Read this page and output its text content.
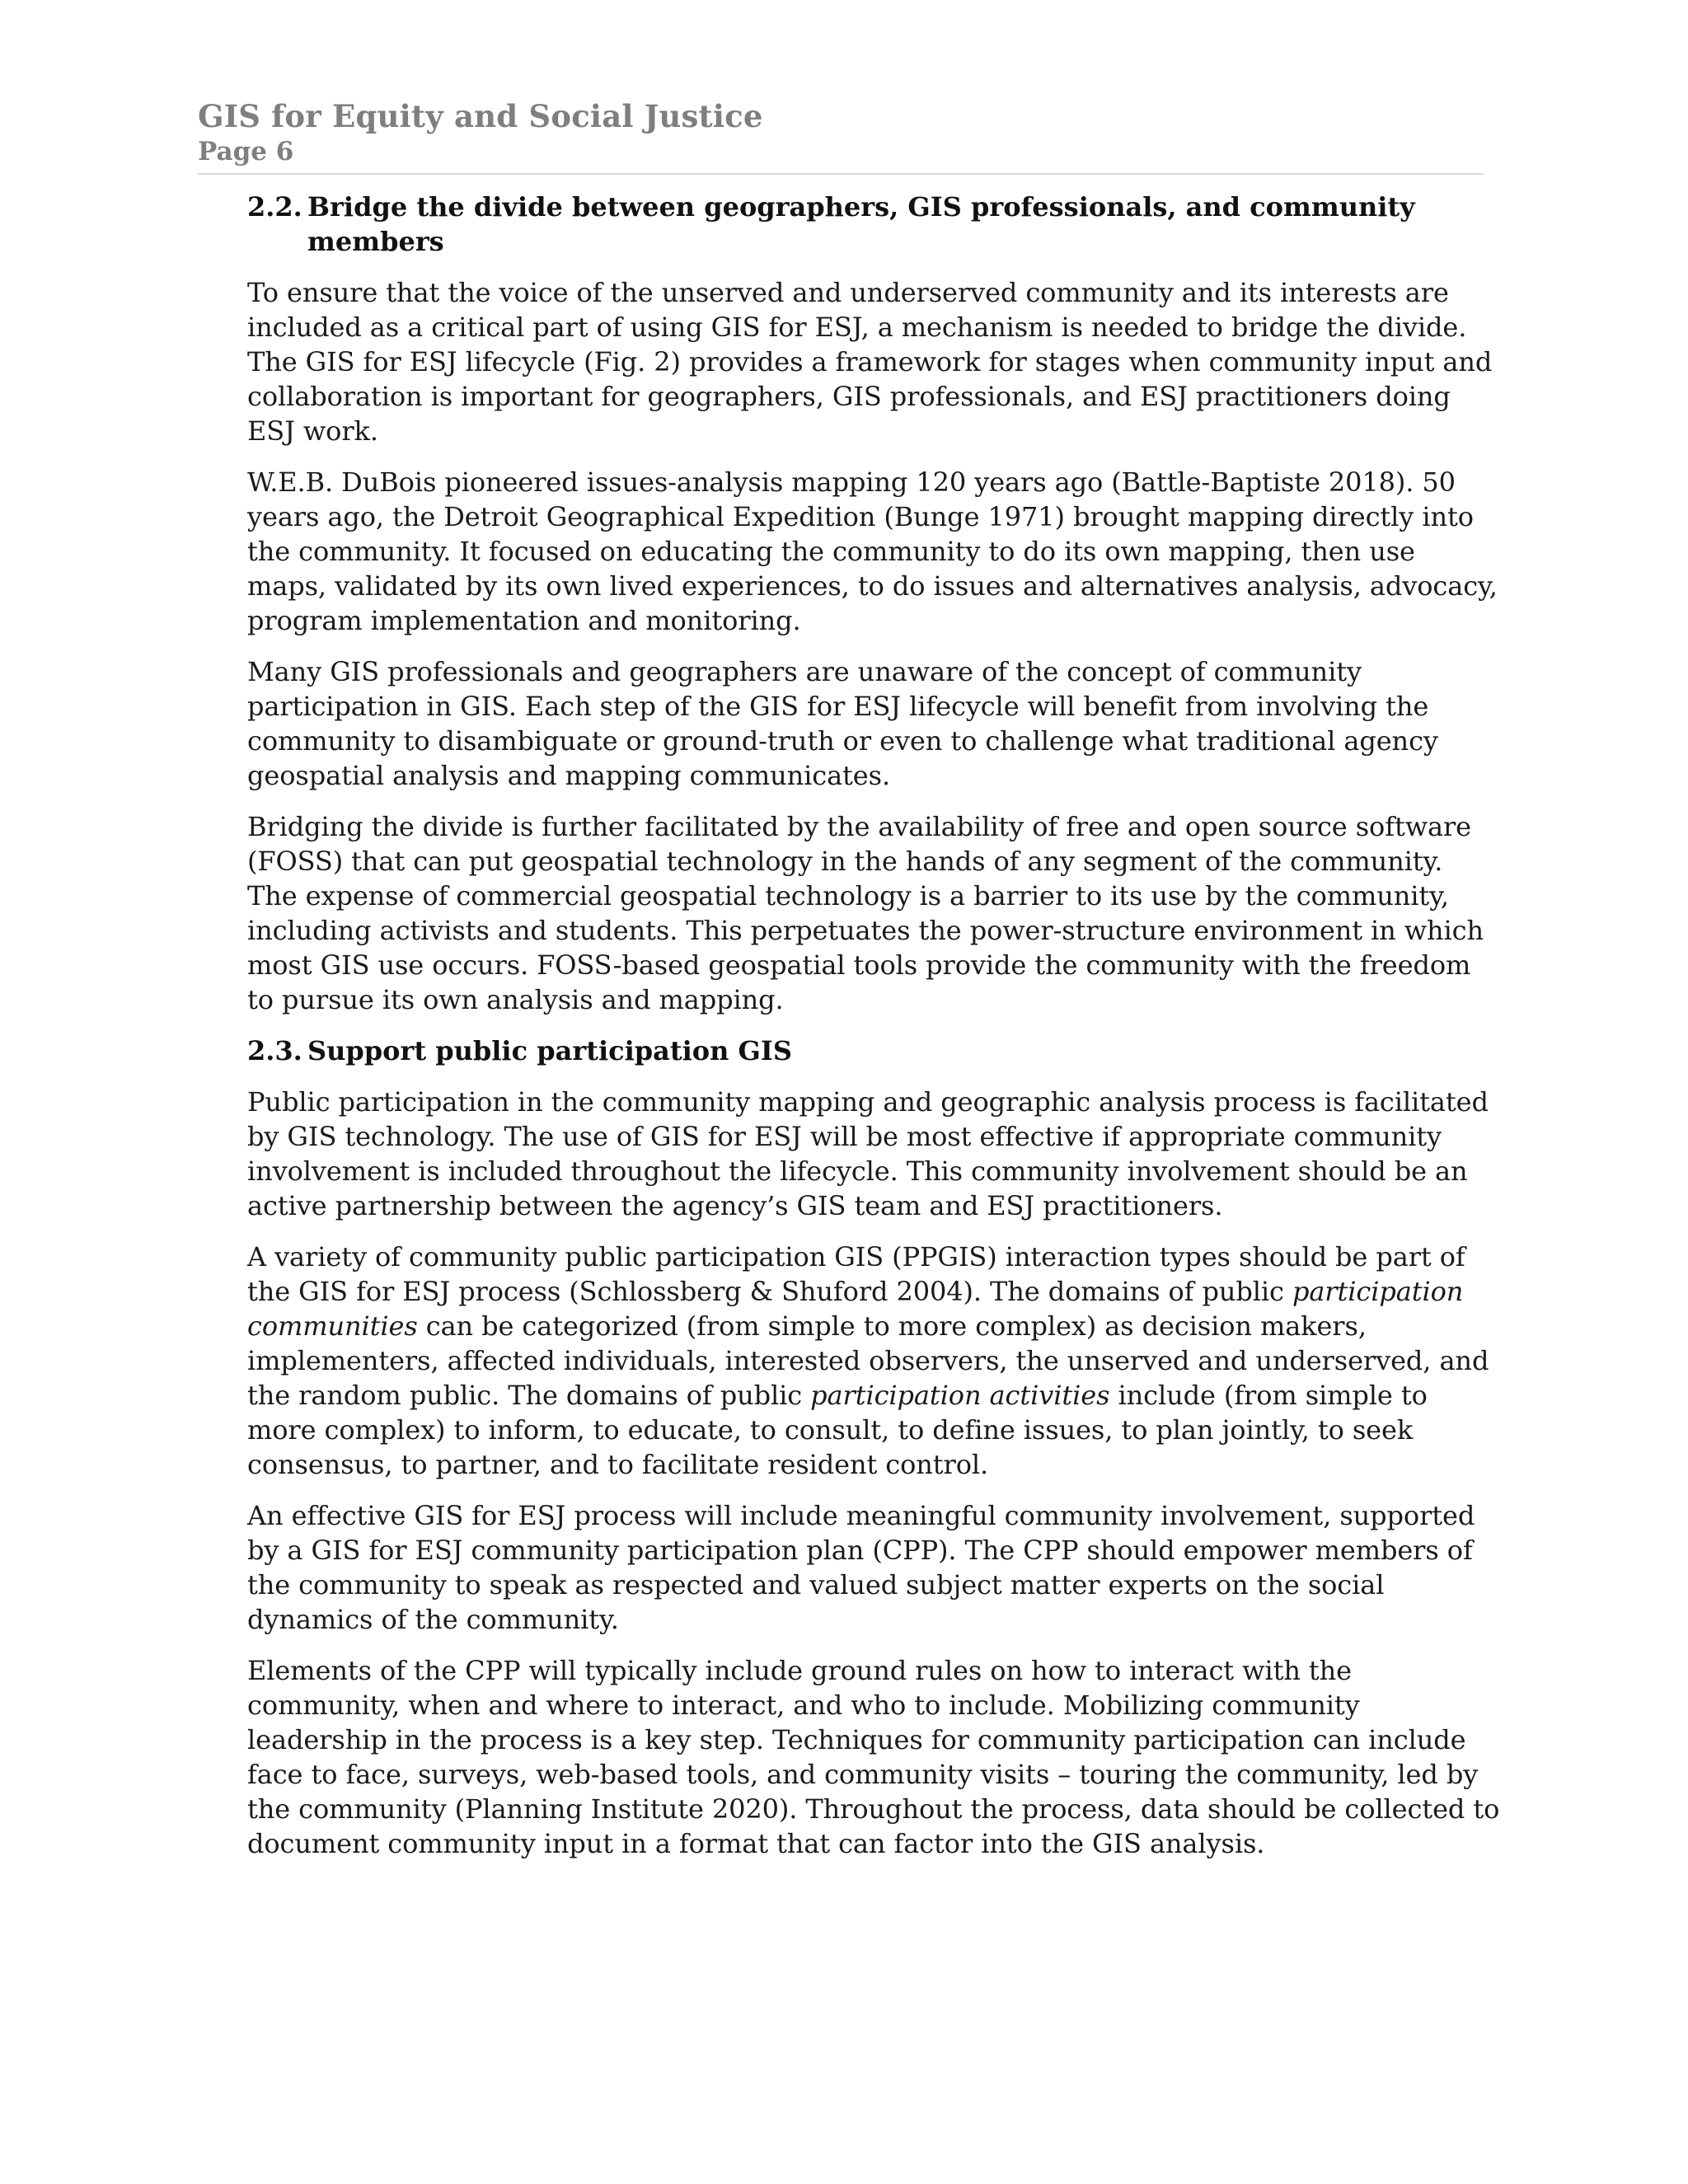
GIS for Equity and Social Justice
Page 6
2.2. Bridge the divide between geographers, GIS professionals, and community members

To ensure that the voice of the unserved and underserved community and its interests are included as a critical part of using GIS for ESJ, a mechanism is needed to bridge the divide. The GIS for ESJ lifecycle (Fig. 2) provides a framework for stages when community input and collaboration is important for geographers, GIS professionals, and ESJ practitioners doing ESJ work.

W.E.B. DuBois pioneered issues-analysis mapping 120 years ago (Battle-Baptiste 2018). 50 years ago, the Detroit Geographical Expedition (Bunge 1971) brought mapping directly into the community. It focused on educating the community to do its own mapping, then use maps, validated by its own lived experiences, to do issues and alternatives analysis, advocacy, program implementation and monitoring.

Many GIS professionals and geographers are unaware of the concept of community participation in GIS. Each step of the GIS for ESJ lifecycle will benefit from involving the community to disambiguate or ground-truth or even to challenge what traditional agency geospatial analysis and mapping communicates.

Bridging the divide is further facilitated by the availability of free and open source software (FOSS) that can put geospatial technology in the hands of any segment of the community. The expense of commercial geospatial technology is a barrier to its use by the community, including activists and students. This perpetuates the power-structure environment in which most GIS use occurs. FOSS-based geospatial tools provide the community with the freedom to pursue its own analysis and mapping.

2.3. Support public participation GIS

Public participation in the community mapping and geographic analysis process is facilitated by GIS technology. The use of GIS for ESJ will be most effective if appropriate community involvement is included throughout the lifecycle. This community involvement should be an active partnership between the agency’s GIS team and ESJ practitioners.

A variety of community public participation GIS (PPGIS) interaction types should be part of the GIS for ESJ process (Schlossberg & Shuford 2004). The domains of public participation communities can be categorized (from simple to more complex) as decision makers, implementers, affected individuals, interested observers, the unserved and underserved, and the random public. The domains of public participation activities include (from simple to more complex) to inform, to educate, to consult, to define issues, to plan jointly, to seek consensus, to partner, and to facilitate resident control.

An effective GIS for ESJ process will include meaningful community involvement, supported by a GIS for ESJ community participation plan (CPP). The CPP should empower members of the community to speak as respected and valued subject matter experts on the social dynamics of the community.

Elements of the CPP will typically include ground rules on how to interact with the community, when and where to interact, and who to include. Mobilizing community leadership in the process is a key step. Techniques for community participation can include face to face, surveys, web-based tools, and community visits – touring the community, led by the community (Planning Institute 2020). Throughout the process, data should be collected to document community input in a format that can factor into the GIS analysis.
